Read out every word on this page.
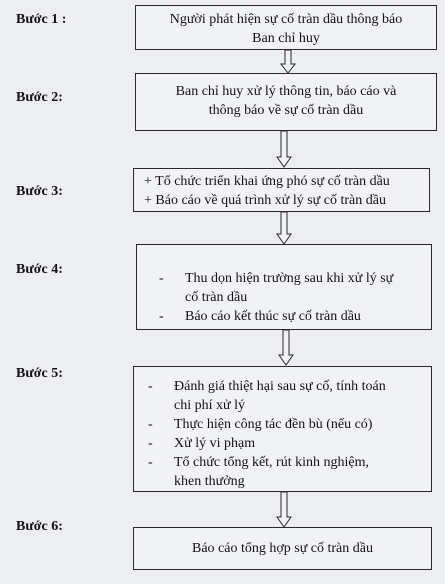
Bước 1 :
Bước 2:
Bước 3:
Bước 4:
Bước 5:
Bước 6:
Người phát hiện sự cố tràn dầu thông báo
Ban chỉ huy
Ban chỉ huy xử lý thông tin, báo cáo và
thông báo về sự cố tràn dầu
+ Tổ chức triển khai ứng phó sự cố tràn dầu
+ Báo cáo về quá trình xử lý sự cố tràn dầu
- Thu dọn hiện trường sau khi xử lý sự
cố tràn dầu
- Báo cáo kết thúc sự cố tràn dầu
- Đánh giá thiệt hại sau sự cố, tính toán
chi phí xử lý
- Thực hiện công tác đền bù (nếu có)
- Xử lý vi phạm
- Tổ chức tổng kết, rút kinh nghiệm,
khen thưởng
Báo cáo tổng hợp sự cố tràn dầu
